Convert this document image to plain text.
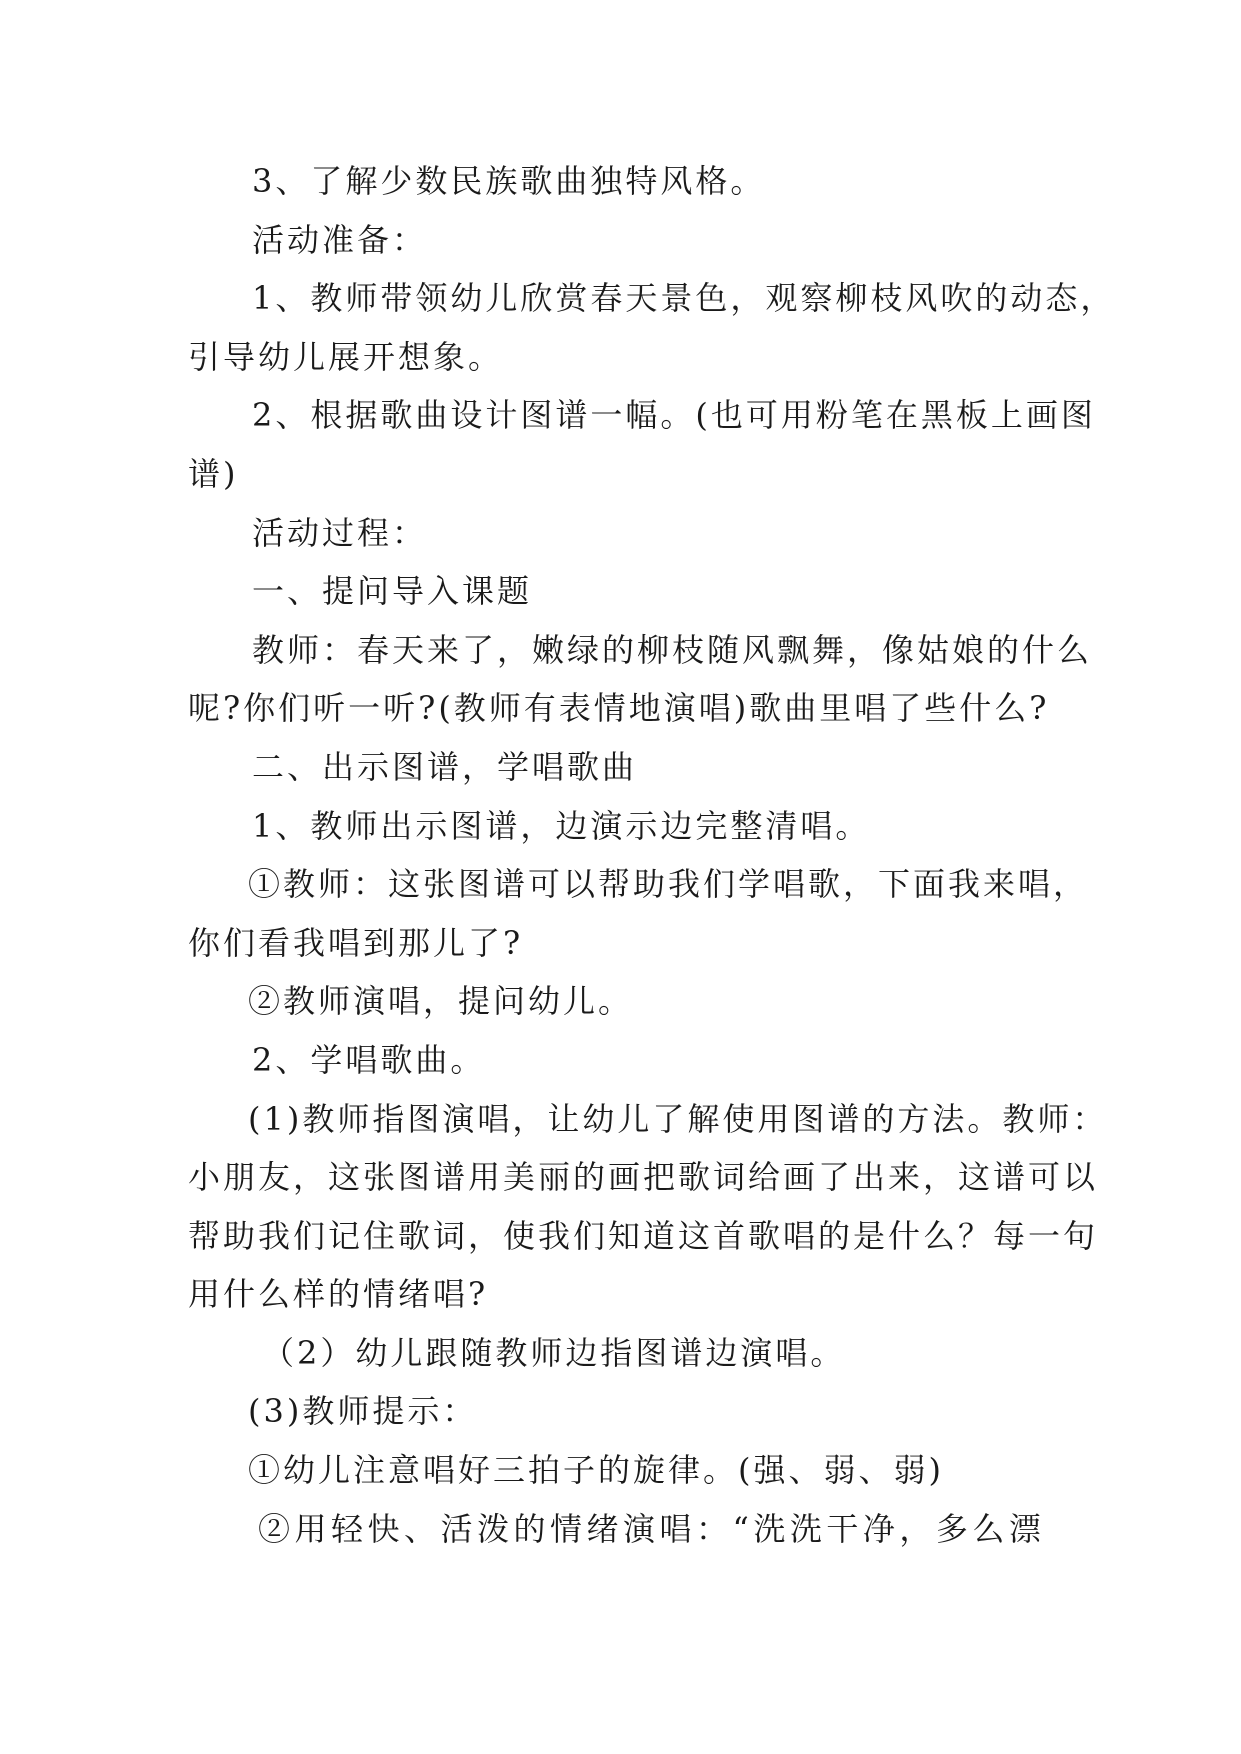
3、了解少数民族歌曲独特风格。
活动准备：
1、教师带领幼儿欣赏春天景色，观察柳枝风吹的动态，
引导幼儿展开想象。
2、根据歌曲设计图谱一幅。(也可用粉笔在黑板上画图
谱)
活动过程：
一、提问导入课题
教师：春天来了，嫩绿的柳枝随风飘舞，像姑娘的什么
呢?你们听一听?(教师有表情地演唱)歌曲里唱了些什么?
二、出示图谱，学唱歌曲
1、教师出示图谱，边演示边完整清唱。
①教师：这张图谱可以帮助我们学唱歌，下面我来唱，
你们看我唱到那儿了?
②教师演唱，提问幼儿。
2、学唱歌曲。
(1)教师指图演唱，让幼儿了解使用图谱的方法。教师：
小朋友，这张图谱用美丽的画把歌词给画了出来，这谱可以
帮助我们记住歌词，使我们知道这首歌唱的是什么？每一句
用什么样的情绪唱?
（2）幼儿跟随教师边指图谱边演唱。
(3)教师提示：
①幼儿注意唱好三拍子的旋律。(强、弱、弱)
②用轻快、活泼的情绪演唱：“洗洗干净，多么漂
